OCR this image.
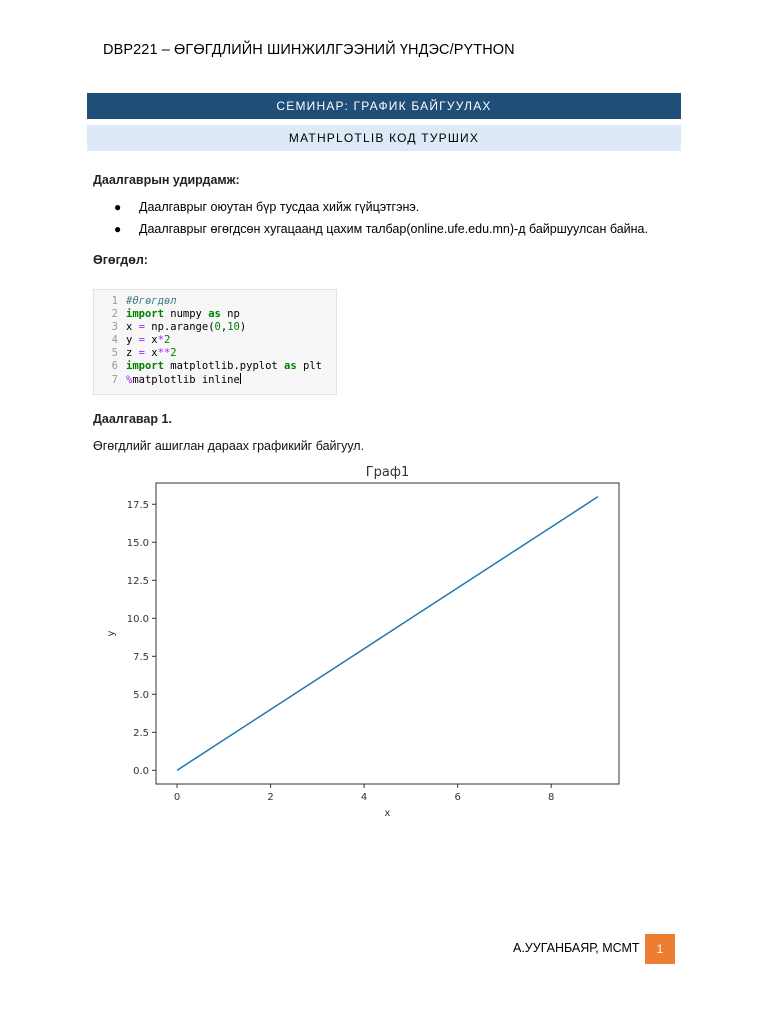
DBP221 – ӨГӨГДЛИЙН ШИНЖИЛГЭЭНИЙ ҮНДЭС/PYTHON
СЕМИНАР: ГРАФИК БАЙГУУЛАХ
MATHPLOTLIB КОД ТУРШИХ
Даалгаврын удирдамж:
● Даалгаврыг оюутан бүр тусдаа хийж гүйцэтгэнэ.
● Даалгаврыг өгөгдсөн хугацаанд цахим талбар(online.ufe.edu.mn)-д байршуулсан байна.
Өгөгдөл:
1 #Өгөгдөл
2 import numpy as np
3 x = np.arange(0,10)
4 y = x*2
5 z = x**2
6 import matplotlib.pyplot as plt
7 %matplotlib inline
Даалгавар 1.
Өгөгдлийг ашиглан дараах графикийг байгуул.
Граф1
0	2	4	6	8
0.0
2.5
5.0
7.5
10.0
12.5
15.0
17.5
x
y
А.УУГАНБАЯР, МСМТ	1
